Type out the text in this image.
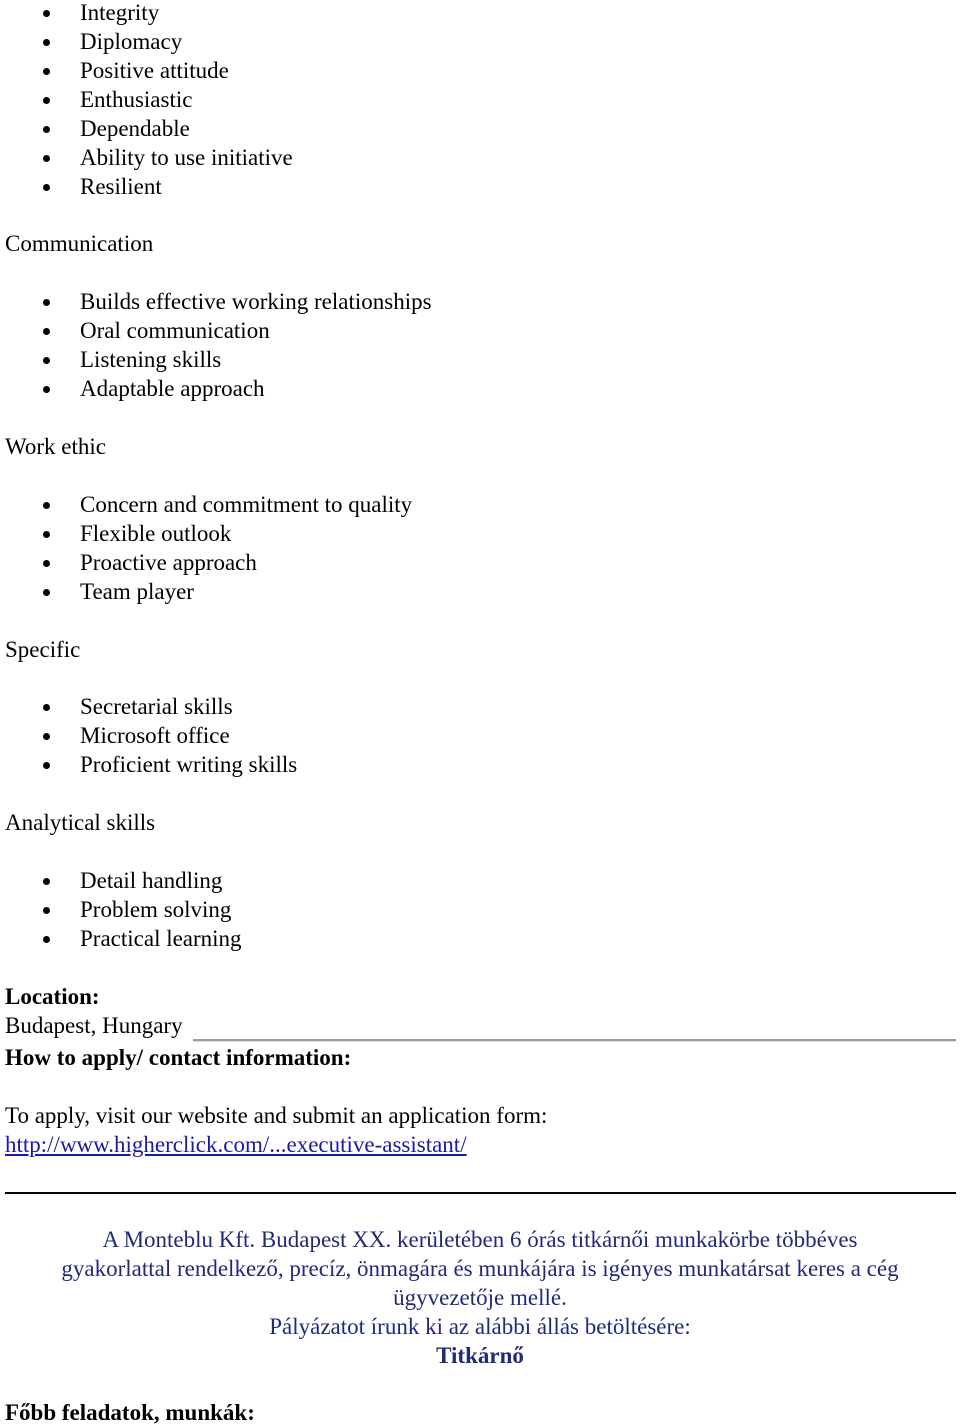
Integrity
Diplomacy
Positive attitude
Enthusiastic
Dependable
Ability to use initiative
Resilient
Communication
Builds effective working relationships
Oral communication
Listening skills
Adaptable approach
Work ethic
Concern and commitment to quality
Flexible outlook
Proactive approach
Team player
Specific
Secretarial skills
Microsoft office
Proficient writing skills
Analytical skills
Detail handling
Problem solving
Practical learning
Location:
Budapest, Hungary
How to apply/ contact information:
To apply, visit our website and submit an application form:
http://www.higherclick.com/...executive-assistant/
A Monteblu Kft. Budapest XX. kerületében 6 órás titkárnői munkakörbe többéves
gyakorlattal rendelkező, precíz, önmagára és munkájára is igényes munkatársat keres a cég
ügyvezetője mellé.
Pályázatot írunk ki az alábbi állás betöltésére:
Titkárnő
Főbb feladatok, munkák:
